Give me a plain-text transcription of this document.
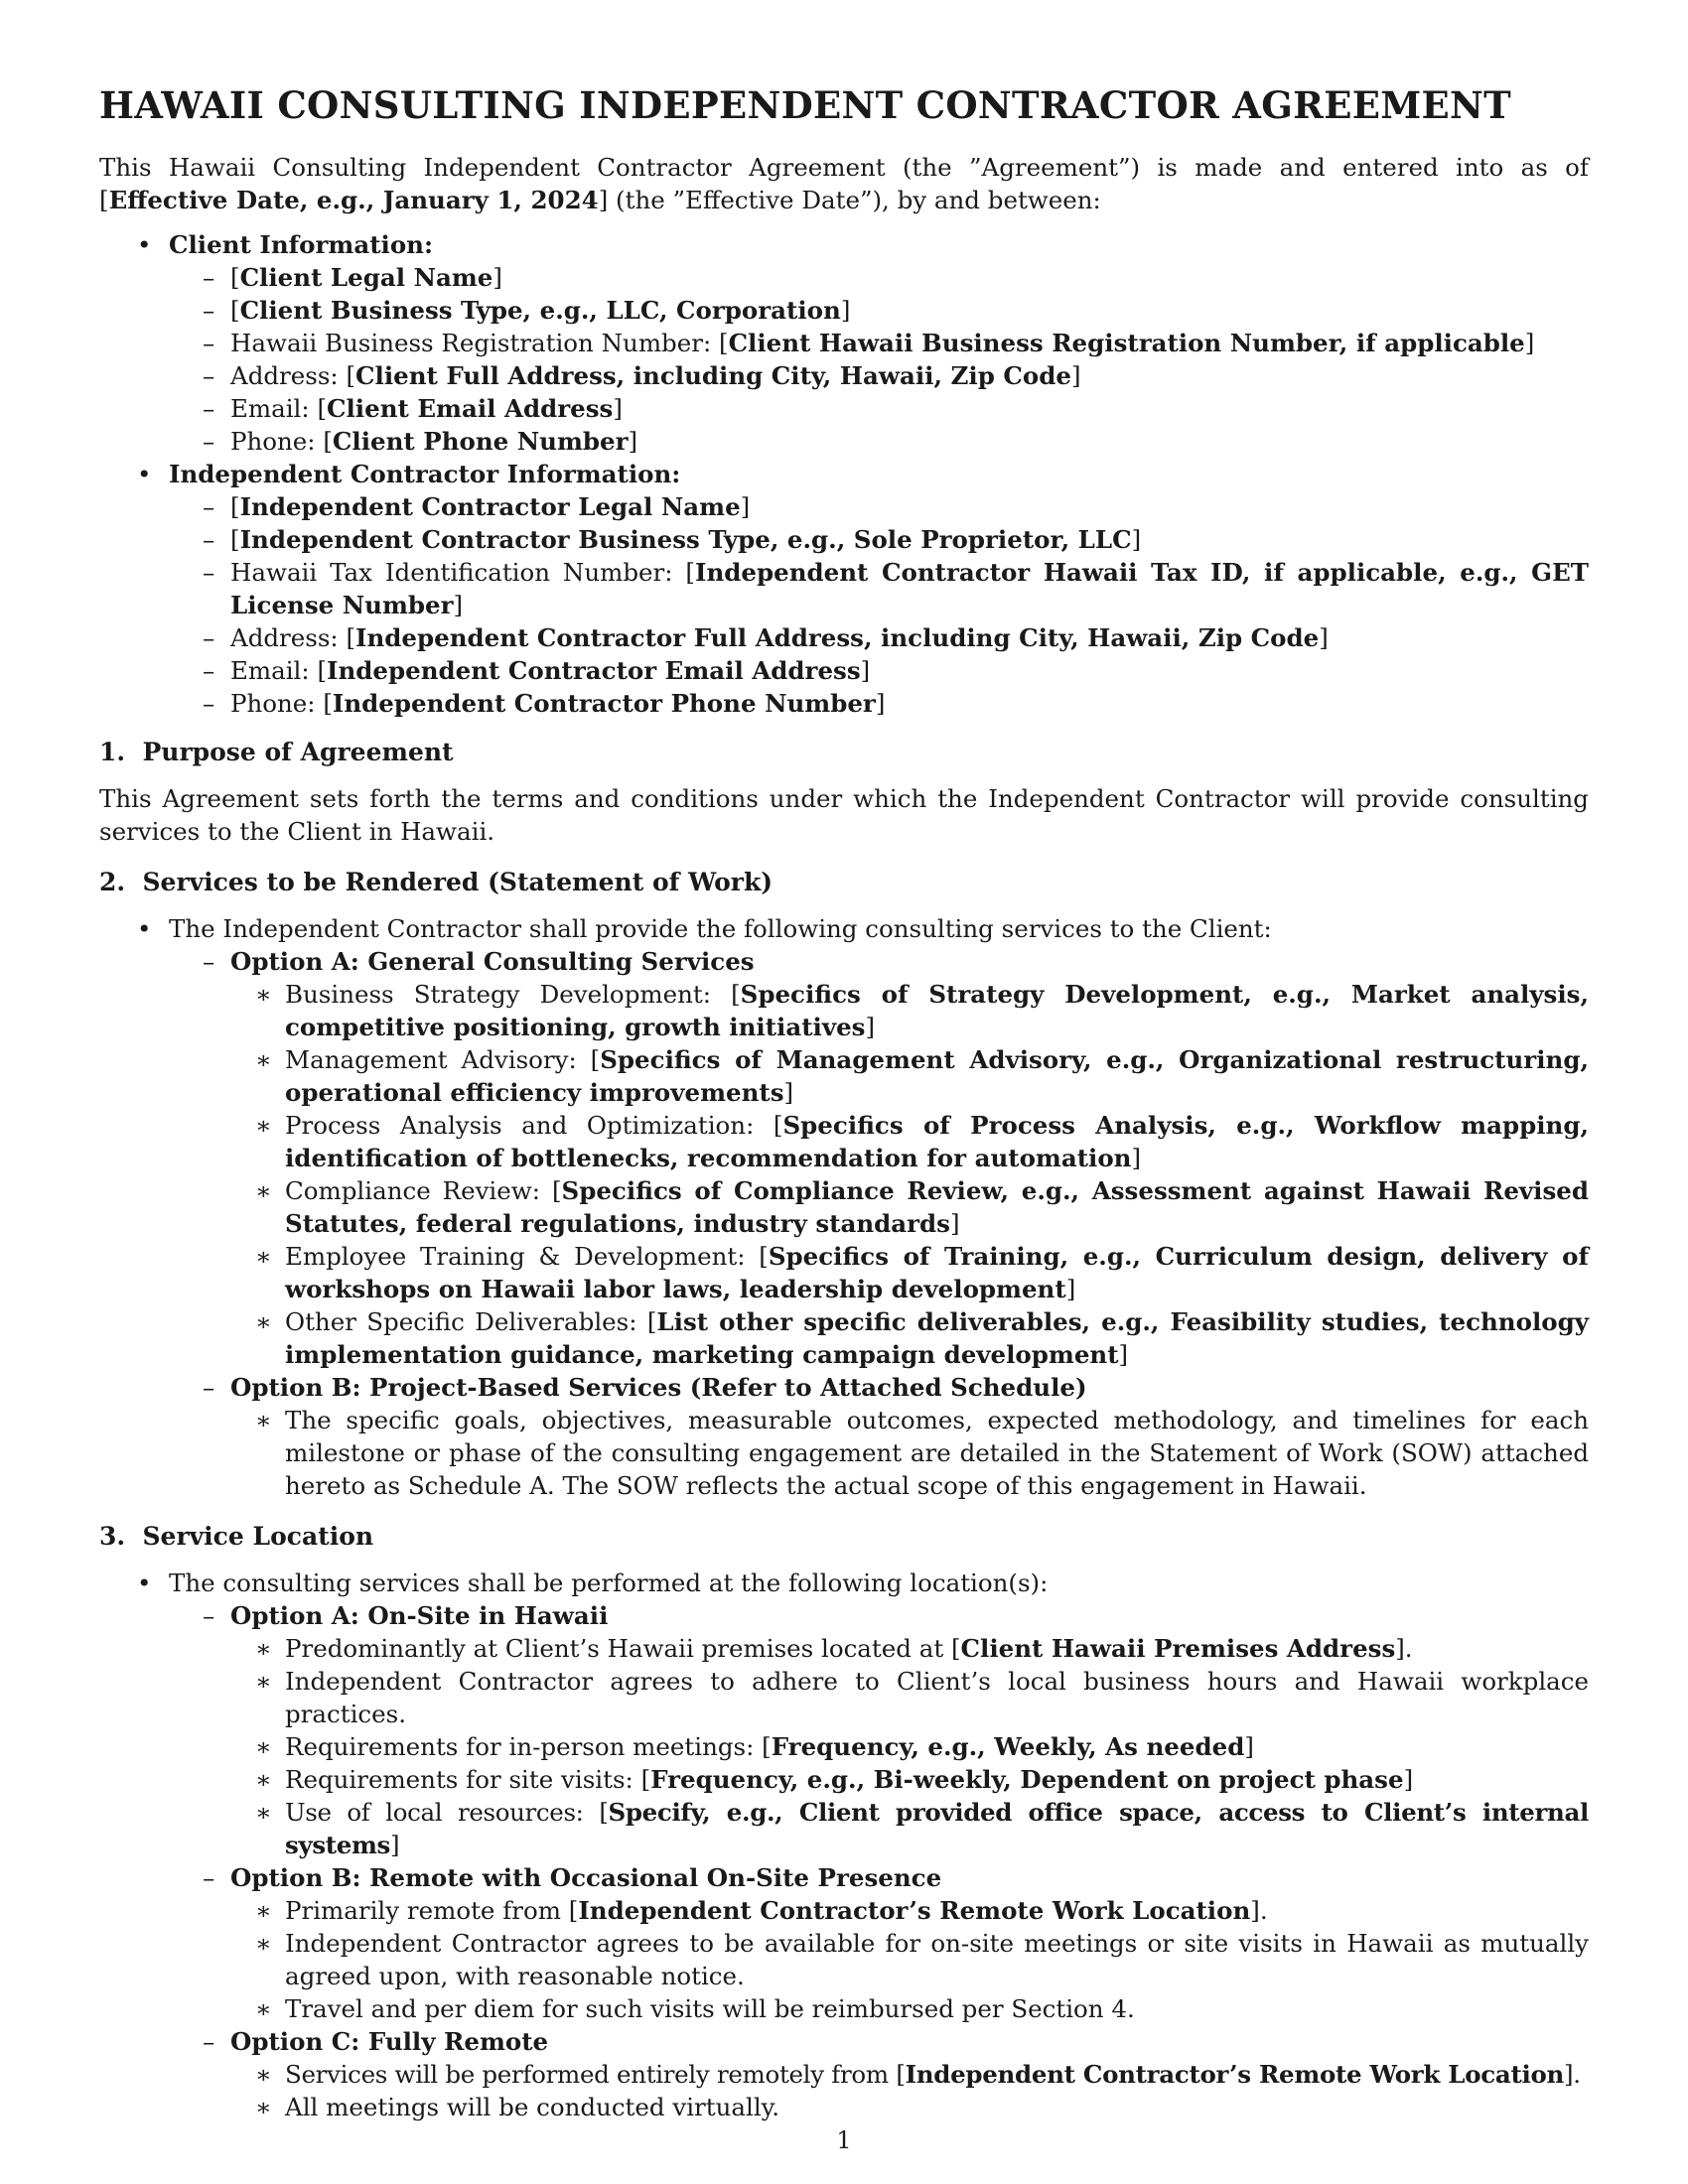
HAWAII CONSULTING INDEPENDENT CONTRACTOR AGREEMENT

This Hawaii Consulting Independent Contractor Agreement (the ”Agreement”) is made and entered into as of [Effective Date, e.g., January 1, 2024] (the ”Effective Date”), by and between:

• Client Information:
– [Client Legal Name]
– [Client Business Type, e.g., LLC, Corporation]
– Hawaii Business Registration Number: [Client Hawaii Business Registration Number, if applicable]
– Address: [Client Full Address, including City, Hawaii, Zip Code]
– Email: [Client Email Address]
– Phone: [Client Phone Number]
• Independent Contractor Information:
– [Independent Contractor Legal Name]
– [Independent Contractor Business Type, e.g., Sole Proprietor, LLC]
– Hawaii Tax Identification Number: [Independent Contractor Hawaii Tax ID, if applicable, e.g., GET License Number]
– Address: [Independent Contractor Full Address, including City, Hawaii, Zip Code]
– Email: [Independent Contractor Email Address]
– Phone: [Independent Contractor Phone Number]
1.  Purpose of Agreement

This Agreement sets forth the terms and conditions under which the Independent Contractor will provide consulting services to the Client in Hawaii.

2.  Services to be Rendered (Statement of Work)
• The Independent Contractor shall provide the following consulting services to the Client:
– Option A: General Consulting Services
∗ Business Strategy Development: [Specifics of Strategy Development, e.g., Market analysis, competitive positioning, growth initiatives]
∗ Management Advisory: [Specifics of Management Advisory, e.g., Organizational restructuring, operational efficiency improvements]
∗ Process Analysis and Optimization: [Specifics of Process Analysis, e.g., Workflow mapping, identification of bottlenecks, recommendation for automation]
∗ Compliance Review: [Specifics of Compliance Review, e.g., Assessment against Hawaii Revised Statutes, federal regulations, industry standards]
∗ Employee Training & Development: [Specifics of Training, e.g., Curriculum design, delivery of workshops on Hawaii labor laws, leadership development]
∗ Other Specific Deliverables: [List other specific deliverables, e.g., Feasibility studies, technology implementation guidance, marketing campaign development]
– Option B: Project-Based Services (Refer to Attached Schedule)
∗ The specific goals, objectives, measurable outcomes, expected methodology, and timelines for each milestone or phase of the consulting engagement are detailed in the Statement of Work (SOW) attached hereto as Schedule A. The SOW reflects the actual scope of this engagement in Hawaii.
3.  Service Location
• The consulting services shall be performed at the following location(s):
– Option A: On-Site in Hawaii
∗ Predominantly at Client’s Hawaii premises located at [Client Hawaii Premises Address].
∗ Independent Contractor agrees to adhere to Client’s local business hours and Hawaii workplace practices.
∗ Requirements for in-person meetings: [Frequency, e.g., Weekly, As needed]
∗ Requirements for site visits: [Frequency, e.g., Bi-weekly, Dependent on project phase]
∗ Use of local resources: [Specify, e.g., Client provided office space, access to Client’s internal systems]
– Option B: Remote with Occasional On-Site Presence
∗ Primarily remote from [Independent Contractor’s Remote Work Location].
∗ Independent Contractor agrees to be available for on-site meetings or site visits in Hawaii as mutually agreed upon, with reasonable notice.
∗ Travel and per diem for such visits will be reimbursed per Section 4.
– Option C: Fully Remote
∗ Services will be performed entirely remotely from [Independent Contractor’s Remote Work Location].
∗ All meetings will be conducted virtually.
1
